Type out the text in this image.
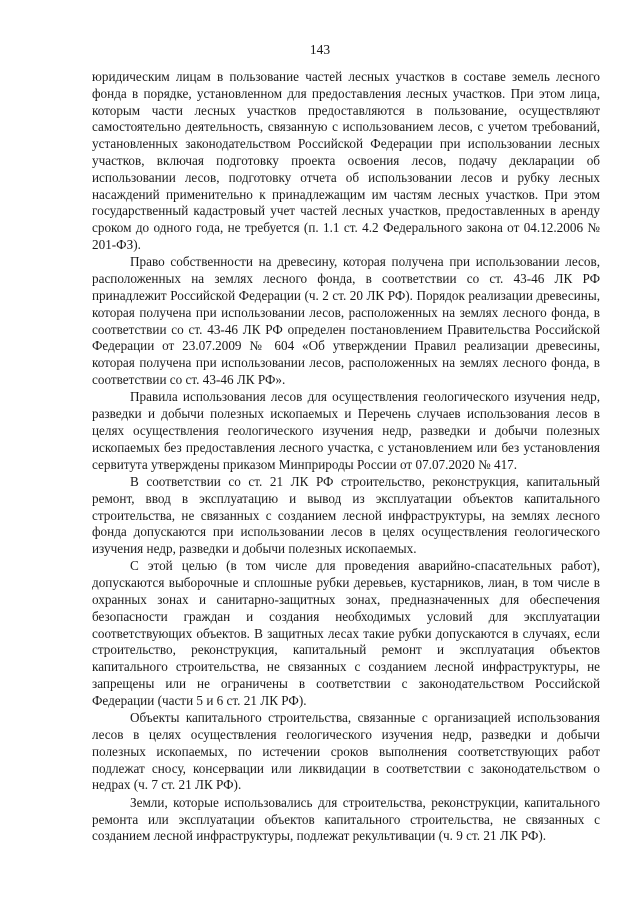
143

юридическим лицам в пользование частей лесных участков в составе земель лесного фонда в порядке, установленном для предоставления лесных участков. При этом лица, которым части лесных участков предоставляются в пользование, осуществляют самостоятельно деятельность, связанную с использованием лесов, с учетом требований, установленных законодательством Российской Федерации при использовании лесных участков, включая подготовку проекта освоения лесов, подачу декларации об использовании лесов, подготовку отчета об использовании лесов и рубку лесных насаждений применительно к принадлежащим им частям лесных участков. При этом государственный кадастровый учет частей лесных участков, предоставленных в аренду сроком до одного года, не требуется (п. 1.1 ст. 4.2 Федерального закона от 04.12.2006 № 201-ФЗ).

Право собственности на древесину, которая получена при использовании лесов, расположенных на землях лесного фонда, в соответствии со ст. 43-46 ЛК РФ принадлежит Российской Федерации (ч. 2 ст. 20 ЛК РФ). Порядок реализации древесины, которая получена при использовании лесов, расположенных на землях лесного фонда, в соответствии со ст. 43-46 ЛК РФ определен постановлением Правительства Российской Федерации от 23.07.2009 № 604 «Об утверждении Правил реализации древесины, которая получена при использовании лесов, расположенных на землях лесного фонда, в соответствии со ст. 43-46 ЛК РФ».

Правила использования лесов для осуществления геологического изучения недр, разведки и добычи полезных ископаемых и Перечень случаев использования лесов в целях осуществления геологического изучения недр, разведки и добычи полезных ископаемых без предоставления лесного участка, с установлением или без установления сервитута утверждены приказом Минприроды России от 07.07.2020 № 417.

В соответствии со ст. 21 ЛК РФ строительство, реконструкция, капитальный ремонт, ввод в эксплуатацию и вывод из эксплуатации объектов капитального строительства, не связанных с созданием лесной инфраструктуры, на землях лесного фонда допускаются при использовании лесов в целях осуществления геологического изучения недр, разведки и добычи полезных ископаемых.

С этой целью (в том числе для проведения аварийно-спасательных работ), допускаются выборочные и сплошные рубки деревьев, кустарников, лиан, в том числе в охранных зонах и санитарно-защитных зонах, предназначенных для обеспечения безопасности граждан и создания необходимых условий для эксплуатации соответствующих объектов. В защитных лесах такие рубки допускаются в случаях, если строительство, реконструкция, капитальный ремонт и эксплуатация объектов капитального строительства, не связанных с созданием лесной инфраструктуры, не запрещены или не ограничены в соответствии с законодательством Российской Федерации (части 5 и 6 ст. 21 ЛК РФ).

Объекты капитального строительства, связанные с организацией использования лесов в целях осуществления геологического изучения недр, разведки и добычи полезных ископаемых, по истечении сроков выполнения соответствующих работ подлежат сносу, консервации или ликвидации в соответствии с законодательством о недрах (ч. 7 ст. 21 ЛК РФ).

Земли, которые использовались для строительства, реконструкции, капитального ремонта или эксплуатации объектов капитального строительства, не связанных с созданием лесной инфраструктуры, подлежат рекультивации (ч. 9 ст. 21 ЛК РФ).
